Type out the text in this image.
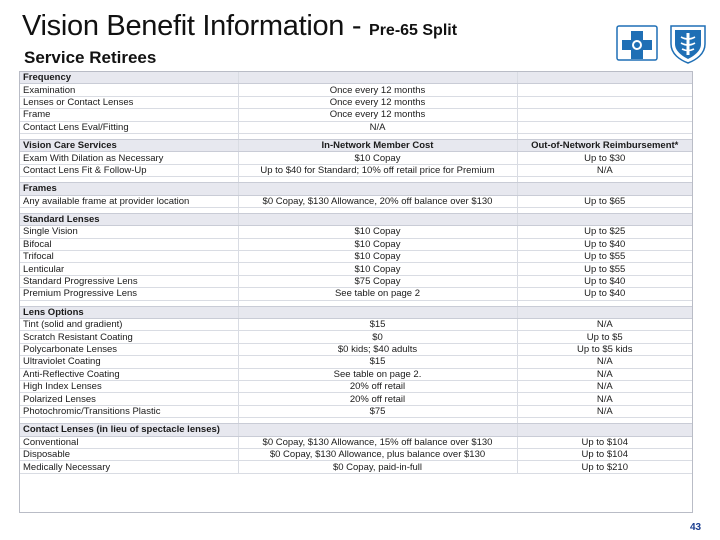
Vision Benefit Information - Pre-65 Split
Service Retirees
Frequency		
Examination	Once every 12 months	
Lenses or Contact Lenses	Once every 12 months	
Frame	Once every 12 months	
Contact Lens Eval/Fitting	N/A	

Vision Care Services	In-Network Member Cost	Out-of-Network Reimbursement*
Exam With Dilation as Necessary	$10 Copay	Up to $30
Contact Lens Fit & Follow-Up	Up to $40 for Standard; 10% off retail price for Premium	N/A

Frames		
Any available frame at provider location	$0 Copay, $130 Allowance, 20% off balance over $130	Up to $65

Standard Lenses		
Single Vision	$10 Copay	Up to $25
Bifocal	$10 Copay	Up to $40
Trifocal	$10 Copay	Up to $55
Lenticular	$10 Copay	Up to $55
Standard Progressive Lens	$75 Copay	Up to $40
Premium Progressive Lens	See table on page 2	Up to $40

Lens Options		
Tint (solid and gradient)	$15	N/A
Scratch Resistant Coating	$0	Up to $5
Polycarbonate Lenses	$0 kids; $40 adults	Up to $5 kids
Ultraviolet Coating	$15	N/A
Anti-Reflective Coating	See table on page 2.	N/A
High Index Lenses	20% off retail	N/A
Polarized Lenses	20% off retail	N/A
Photochromic/Transitions Plastic	$75	N/A

Contact Lenses (in lieu of spectacle lenses)		
Conventional	$0 Copay, $130 Allowance, 15% off balance over $130	Up to $104
Disposable	$0 Copay, $130 Allowance, plus balance over $130	Up to $104
Medically Necessary	$0 Copay, paid-in-full	Up to $210
43
